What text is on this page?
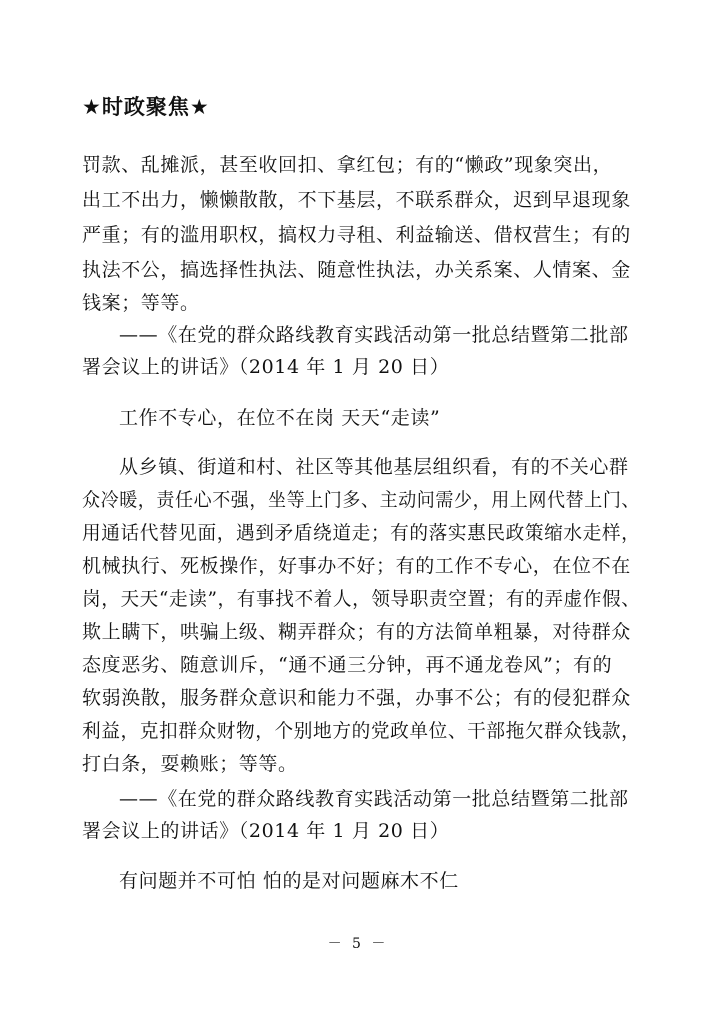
★时政聚焦★
罚款、乱摊派，甚至收回扣、拿红包；有的“懒政”现象突出，
出工不出力，懒懒散散，不下基层，不联系群众，迟到早退现象
严重；有的滥用职权，搞权力寻租、利益输送、借权营生；有的
执法不公，搞选择性执法、随意性执法，办关系案、人情案、金
钱案；等等。
——《在党的群众路线教育实践活动第一批总结暨第二批部
署会议上的讲话》（2014 年 1 月 20 日）
工作不专心，在位不在岗 天天“走读”
从乡镇、街道和村、社区等其他基层组织看，有的不关心群
众冷暖，责任心不强，坐等上门多、主动问需少，用上网代替上门、
用通话代替见面，遇到矛盾绕道走；有的落实惠民政策缩水走样，
机械执行、死板操作，好事办不好；有的工作不专心，在位不在
岗，天天“走读”，有事找不着人，领导职责空置；有的弄虚作假、
欺上瞒下，哄骗上级、糊弄群众；有的方法简单粗暴，对待群众
态度恶劣、随意训斥，“通不通三分钟，再不通龙卷风”；有的
软弱涣散，服务群众意识和能力不强，办事不公；有的侵犯群众
利益，克扣群众财物，个别地方的党政单位、干部拖欠群众钱款，
打白条，耍赖账；等等。
——《在党的群众路线教育实践活动第一批总结暨第二批部
署会议上的讲话》（2014 年 1 月 20 日）
有问题并不可怕 怕的是对问题麻木不仁
－ 5 －
